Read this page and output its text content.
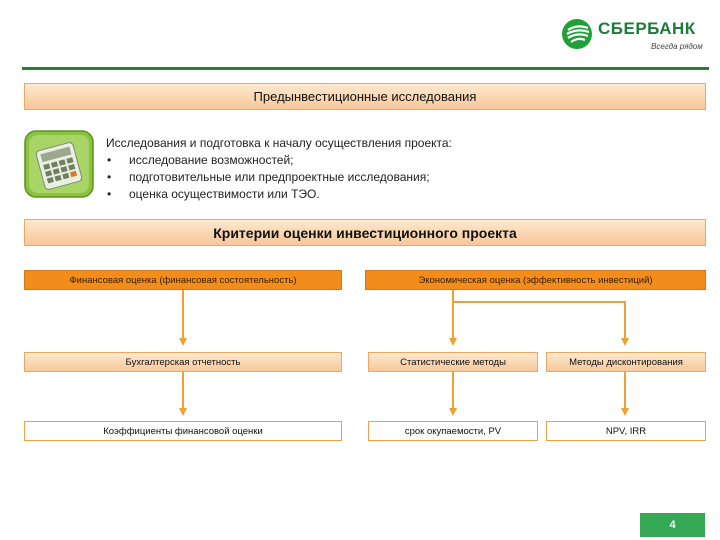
СБЕРБАНК
Всегда рядом
Предынвестиционные исследования
Исследования и подготовка к началу осуществления проекта:
• исследование возможностей;
• подготовительные или предпроектные исследования;
• оценка осуществимости или ТЭО.
Критерии оценки инвестиционного проекта
Финансовая оценка (финансовая состоятельность)	Экономическая оценка (эффективность инвестиций)
Бухгалтерская отчетность	Статистические методы	Методы дисконтирования
Коэффициенты финансовой оценки	срок окупаемости, PV	NPV, IRR
4
